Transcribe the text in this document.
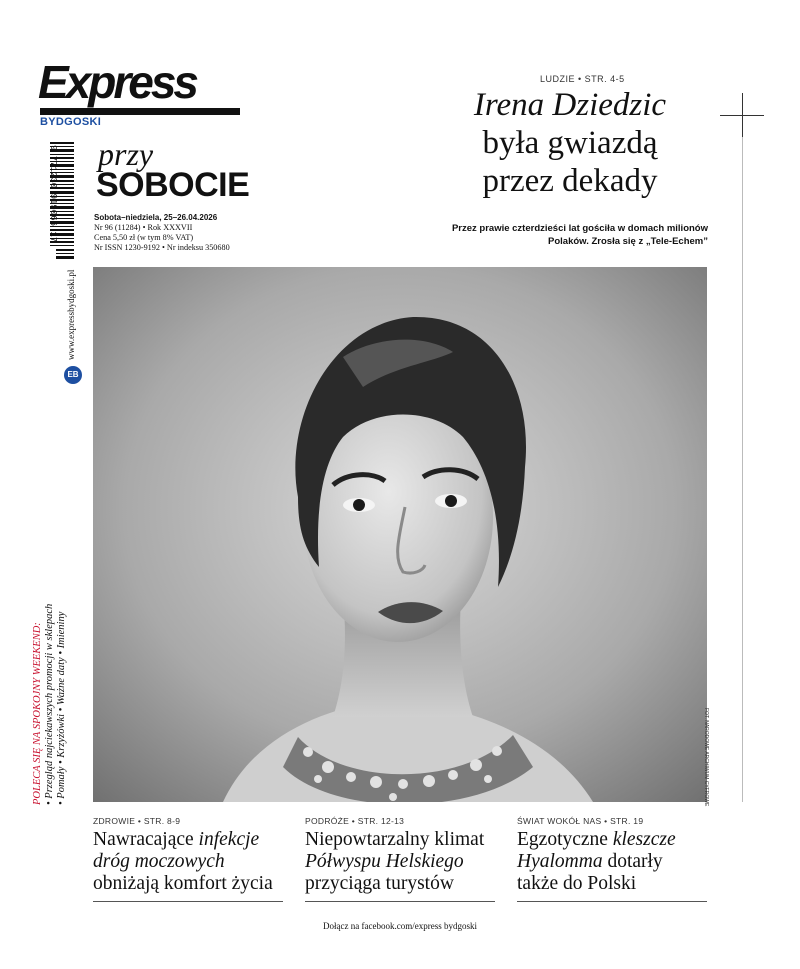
Express
BYDGOSKI
9 771230 919066 17 przy
SOBOCIE
Sobota–niedziela, 25–26.04.2026
Nr 96 (11284) • Rok XXXVII
Cena 5,50 zł (w tym 8% VAT)
Nr ISSN 1230-9192 • Nr indeksu 350680
www.expressbydgoski.pl
EB
POLECA SIĘ NA SPOKOJNY WEEKEND: • Przegląd najciekawszych promocji w sklepach • Pomały • Krzyżówki • Ważne daty • Imieniny
LUDZIE • STR. 4-5
Irena Dziedzic
była gwiazdą
przez dekady
Przez prawie czterdzieści lat gościła w domach milionów
Polaków. Zrosła się z „Tele-Echem”
FOT. NARODOWE ARCHIWUM CYFROWE
ZDROWIE • STR. 8-9
Nawracające infekcje
dróg moczowych
obniżają komfort życia
PODRÓŻE • STR. 12-13
Niepowtarzalny klimat
Półwyspu Helskiego
przyciąga turystów
ŚWIAT WOKÓŁ NAS • STR. 19
Egzotyczne kleszcze
Hyalomma dotarły
także do Polski
Dołącz na facebook.com/express bydgoski
